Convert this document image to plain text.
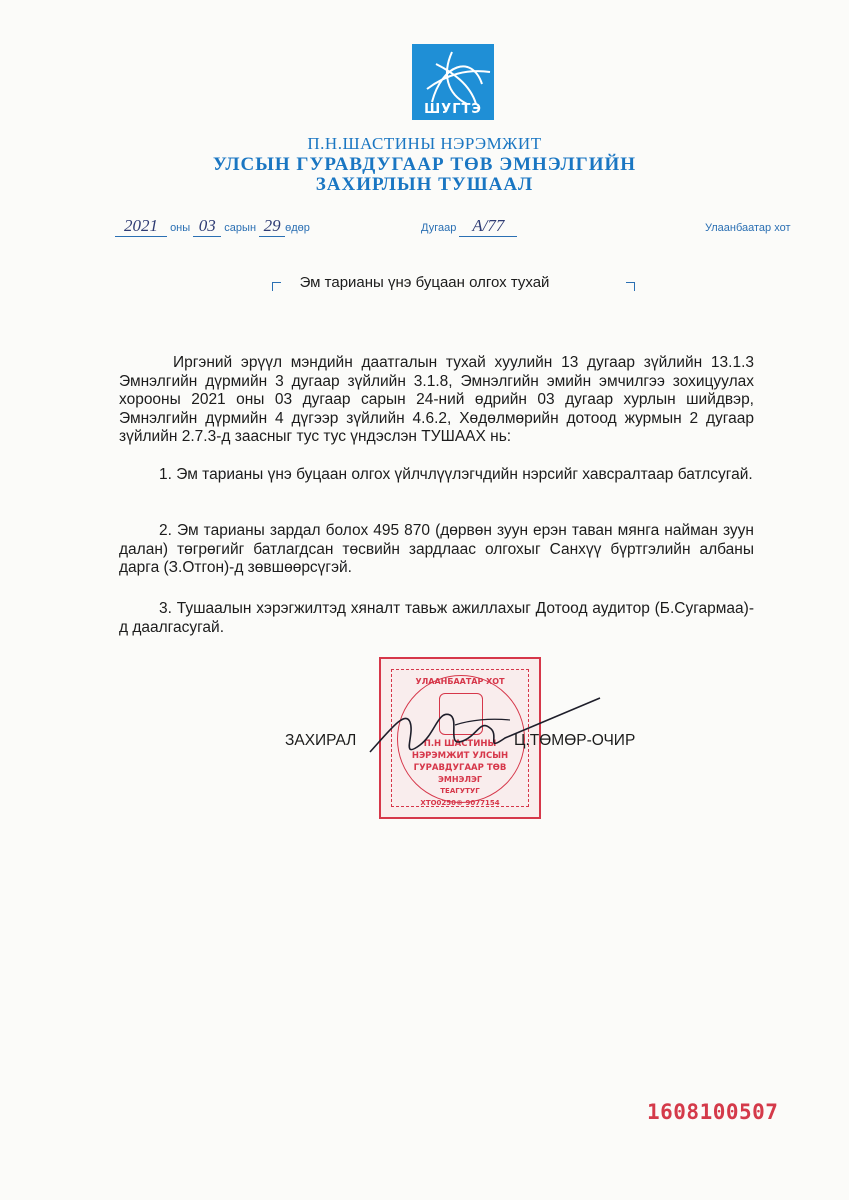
ШУГТЭ
П.Н.ШАСТИНЫ НЭРЭМЖИТ
УЛСЫН ГУРАВДУГААР ТӨВ ЭМНЭЛГИЙН
ЗАХИРЛЫН ТУШААЛ
2021 оны 03 сарын 29 өдөр	Дугаар А/77	Улаанбаатар хот
Эм тарианы үнэ буцаан олгох тухай
Иргэний эрүүл мэндийн даатгалын тухай хуулийн 13 дугаар зүйлийн 13.1.3 Эмнэлгийн дүрмийн 3 дугаар зүйлийн 3.1.8, Эмнэлгийн эмийн эмчилгээ зохицуулах хорооны 2021 оны 03 дугаар сарын 24-ний өдрийн 03 дугаар хурлын шийдвэр, Эмнэлгийн дүрмийн 4 дүгээр зүйлийн 4.6.2, Хөдөлмөрийн дотоод журмын 2 дугаар зүйлийн 2.7.3-д заасныг тус тус үндэслэн ТУШААХ нь:
1. Эм тарианы үнэ буцаан олгох үйлчлүүлэгчдийн нэрсийг хавсралтаар батлсугай.
2. Эм тарианы зардал болох 495 870 (дөрвөн зуун ерэн таван мянга найман зуун далан) төгрөгийг батлагдсан төсвийн зардлаас олгохыг Санхүү бүртгэлийн албаны дарга (З.Отгон)-д зөвшөөрсүгэй.
3. Тушаалын хэрэгжилтэд хяналт тавьж ажиллахыг Дотоод аудитор (Б.Сугармаа)-д даалгасугай.
УЛААНБААТАР ХОТ
П.Н ШАСТИНЫ
НЭРЭМЖИТ УЛСЫН
ГУРАВДУГААР ТӨВ
ЭМНЭЛЭГ
ТЕАГУТУГ
ХТО0250© 9077154
ЗАХИРАЛ	Ц.ТӨМӨР-ОЧИР
1608100507
